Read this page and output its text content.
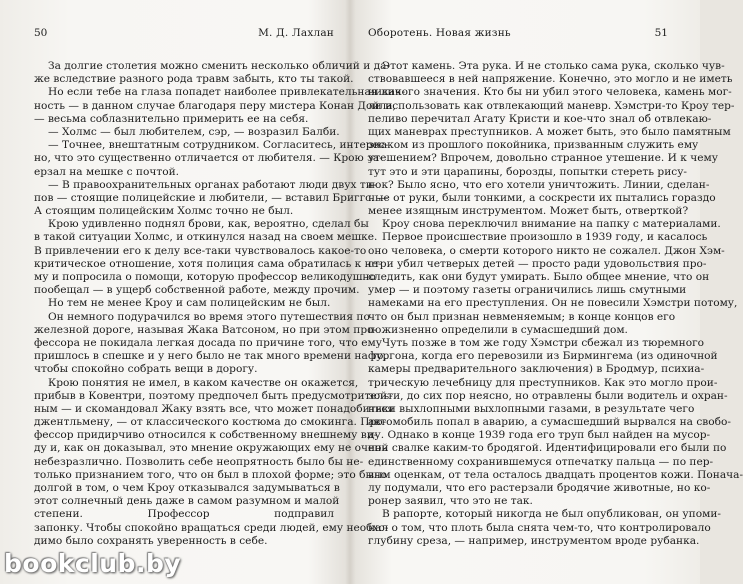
50	М. Д. Лахлан
За долгие столетия можно сменить несколько обличий и да-
же вследствие разного рода травм забыть, кто ты такой.
Но если тебе на глаза попадет наиболее привлекательная лич-
ность — в данном случае благодаря перу мистера Конан Дойла,
— весьма соблазнительно примерить ее на себя.
— Холмс — был любителем, сэр, — возразил Балби.
— Точнее, внештатным сотрудником. Согласитесь, интерес-
но, что это существенно отличается от любителя. — Крою за-
ерзал на мешке с почтой.
— В правоохранительных органах работают люди двух ти-
пов — стоящие полицейские и любители, — вставил Бриггс. —
А стоящим полицейским Холмс точно не был.
Крою удивленно поднял брови, как, вероятно, сделал бы
в такой ситуации Холмс, и откинулся назад на своем мешке.
В привлечении его к делу все-таки чувствовалось какое-то
критическое отношение, хотя полиция сама обратилась к не-
му и попросила о помощи, которую профессор великодушно
пообещал — в ущерб собственной работе, между прочим.
Но тем не менее Кроу и сам полицейским не был.
Он немного подурачился во время этого путешествия по
железной дороге, называя Жака Ватсоном, но при этом про-
фессора не покидала легкая досада по причине того, что ему
пришлось в спешке и у него было не так много времени на то,
чтобы спокойно собрать вещи в дорогу.
Крою понятия не имел, в каком качестве он окажется,
прибыв в Ковентри, поэтому предпочел быть предусмотритель-
ным — и скомандовал Жаку взять все, что может понадобиться
джентльмену, — от классического костюма до смокинга. Про-
фессор придирчиво относился к собственному внешнему ви-
ду и, как он доказывал, это мнение окружающих ему не очень
небезразлично. Позволить себе неопрятность было бы не-
только признанием того, что он был в плохой форме; это было
долгой в том, о чем Кроу отказывался задумываться в
этот солнечный день даже в самом разумном и малой
степени. Профессор подправил
запонку. Чтобы спокойно вращаться среди людей, ему необхо-
димо было сохранять уверенность в себе.
Оборотень. Новая жизнь	51
Этот камень. Эта рука. И не столько сама рука, сколько чув-
ствовавшееся в ней напряжение. Конечно, это могло и не иметь
никакого значения. Кто бы ни убил этого человека, камень мог-
ли использовать как отвлекающий маневр. Хэмстри-то Кроу тер-
пеливо перечитал Агату Кристи и кое-что знал об отвлекаю-
щих маневрах преступников. А может быть, это было памятным
знаком из прошлого покойника, призванным служить ему
утешением? Впрочем, довольно странное утешение. И к чему
тут это и эти царапины, борозды, попытки стереть рису-
нок? Было ясно, что его хотели уничтожить. Линии, сделан-
ные от руки, были тонкими, а соскрести их пытались гораздо
менее изящным инструментом. Может быть, отверткой?
Кроу снова переключил внимание на папку с материалами.
Первое происшествие произошло в 1939 году, и касалось
оно человека, о смерти которого никто не сожалел. Джон Хэм-
стри убил четверых детей — просто ради удовольствия про-
следить, как они будут умирать. Было общее мнение, что он
умер — и поэтому газеты ограничились лишь смутными
намеками на его преступления. Он не повесили Хэмстри потому,
что он был признан невменяемым; в конце концов его
пожизненно определили в сумасшедший дом.
Чуть позже в том же году Хэмстри сбежал из тюремного
фургона, когда его перевозили из Бирмингема (из одиночной
камеры предварительного заключения) в Бродмур, психиа-
трическую лечебницу для преступников. Как это могло прои-
зойти, до сих пор неясно, но отравлены были водитель и охран-
ники выхлопными выхлопными газами, в результате чего
автомобиль попал в аварию, а сумасшедший вырвался на свобо-
ду. Однако в конце 1939 года его труп был найден на мусор-
ной свалке каким-то бродягой. Идентифицировали его были по
единственному сохранившемуся отпечатку пальца — по пер-
вым оценкам, от тела осталось двадцать процентов кожи. Понача-
лу подумали, что его растерзали бродячие животные, но ко-
ронер заявил, что это не так.
В рапорте, который никогда не был опубликован, он упоми-
нал о том, что плоть была снята чем-то, что контролировало
глубину среза, — например, инструментом вроде рубанка.
bookclub.by
